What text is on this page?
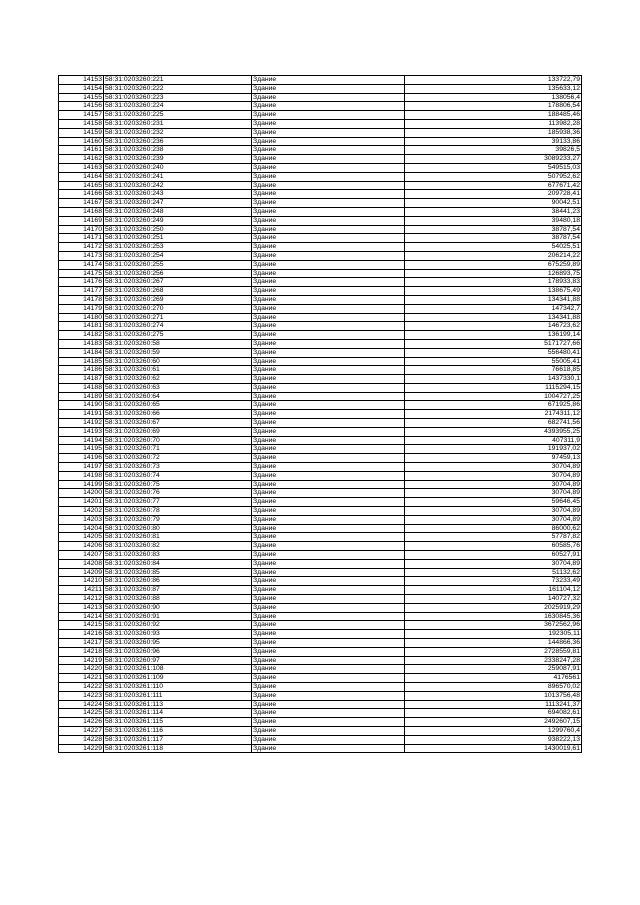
14153	58:31:0203260:221	Здание	133722,79
14154	58:31:0203260:222	Здание	135633,12
14155	58:31:0203260:223	Здание	138056,4
14156	58:31:0203260:224	Здание	178806,54
14157	58:31:0203260:225	Здание	188485,46
14158	58:31:0203260:231	Здание	113982,28
14159	58:31:0203260:232	Здание	185938,36
14160	58:31:0203260:236	Здание	39133,86
14161	58:31:0203260:238	Здание	39826,5
14162	58:31:0203260:239	Здание	3089233,27
14163	58:31:0203260:240	Здание	549515,03
14164	58:31:0203260:241	Здание	507952,62
14165	58:31:0203260:242	Здание	677671,42
14166	58:31:0203260:243	Здание	209728,41
14167	58:31:0203260:247	Здание	90042,51
14168	58:31:0203260:248	Здание	38441,23
14169	58:31:0203260:249	Здание	39480,18
14170	58:31:0203260:250	Здание	38787,54
14171	58:31:0203260:251	Здание	38787,54
14172	58:31:0203260:253	Здание	54025,51
14173	58:31:0203260:254	Здание	206214,22
14174	58:31:0203260:255	Здание	675259,89
14175	58:31:0203260:256	Здание	126893,75
14176	58:31:0203260:267	Здание	178933,83
14177	58:31:0203260:268	Здание	138675,49
14178	58:31:0203260:269	Здание	134341,88
14179	58:31:0203260:270	Здание	147342,7
14180	58:31:0203260:271	Здание	134341,88
14181	58:31:0203260:274	Здание	146723,62
14182	58:31:0203260:275	Здание	136199,14
14183	58:31:0203260:58	Здание	5171727,66
14184	58:31:0203260:59	Здание	556480,41
14185	58:31:0203260:60	Здание	55005,41
14186	58:31:0203260:61	Здание	76618,85
14187	58:31:0203260:62	Здание	1437330,1
14188	58:31:0203260:63	Здание	1115294,15
14189	58:31:0203260:64	Здание	1004727,25
14190	58:31:0203260:65	Здание	671925,86
14191	58:31:0203260:66	Здание	2174311,12
14192	58:31:0203260:67	Здание	682741,56
14193	58:31:0203260:69	Здание	4393955,25
14194	58:31:0203260:70	Здание	407311,9
14195	58:31:0203260:71	Здание	191937,02
14196	58:31:0203260:72	Здание	97459,13
14197	58:31:0203260:73	Здание	30704,89
14198	58:31:0203260:74	Здание	30704,89
14199	58:31:0203260:75	Здание	30704,89
14200	58:31:0203260:76	Здание	30704,89
14201	58:31:0203260:77	Здание	59646,45
14202	58:31:0203260:78	Здание	30704,89
14203	58:31:0203260:79	Здание	30704,89
14204	58:31:0203260:80	Здание	86000,62
14205	58:31:0203260:81	Здание	57787,82
14206	58:31:0203260:82	Здание	60585,76
14207	58:31:0203260:83	Здание	60527,91
14208	58:31:0203260:84	Здание	30704,89
14209	58:31:0203260:85	Здание	51132,62
14210	58:31:0203260:86	Здание	73233,49
14211	58:31:0203260:87	Здание	161104,12
14212	58:31:0203260:88	Здание	140727,32
14213	58:31:0203260:90	Здание	2025919,29
14214	58:31:0203260:91	Здание	1630845,36
14215	58:31:0203260:92	Здание	3672562,96
14216	58:31:0203260:93	Здание	192305,11
14217	58:31:0203260:95	Здание	144866,36
14218	58:31:0203260:96	Здание	2728559,81
14219	58:31:0203260:97	Здание	2338247,28
14220	58:31:0203261:108	Здание	259087,91
14221	58:31:0203261:109	Здание	4176561
14222	58:31:0203261:110	Здание	896570,02
14223	58:31:0203261:111	Здание	1013756,48
14224	58:31:0203261:113	Здание	1113241,37
14225	58:31:0203261:114	Здание	694082,61
14226	58:31:0203261:115	Здание	2492607,15
14227	58:31:0203261:116	Здание	1299760,4
14228	58:31:0203261:117	Здание	938222,13
14229	58:31:0203261:118	Здание	1430019,61
